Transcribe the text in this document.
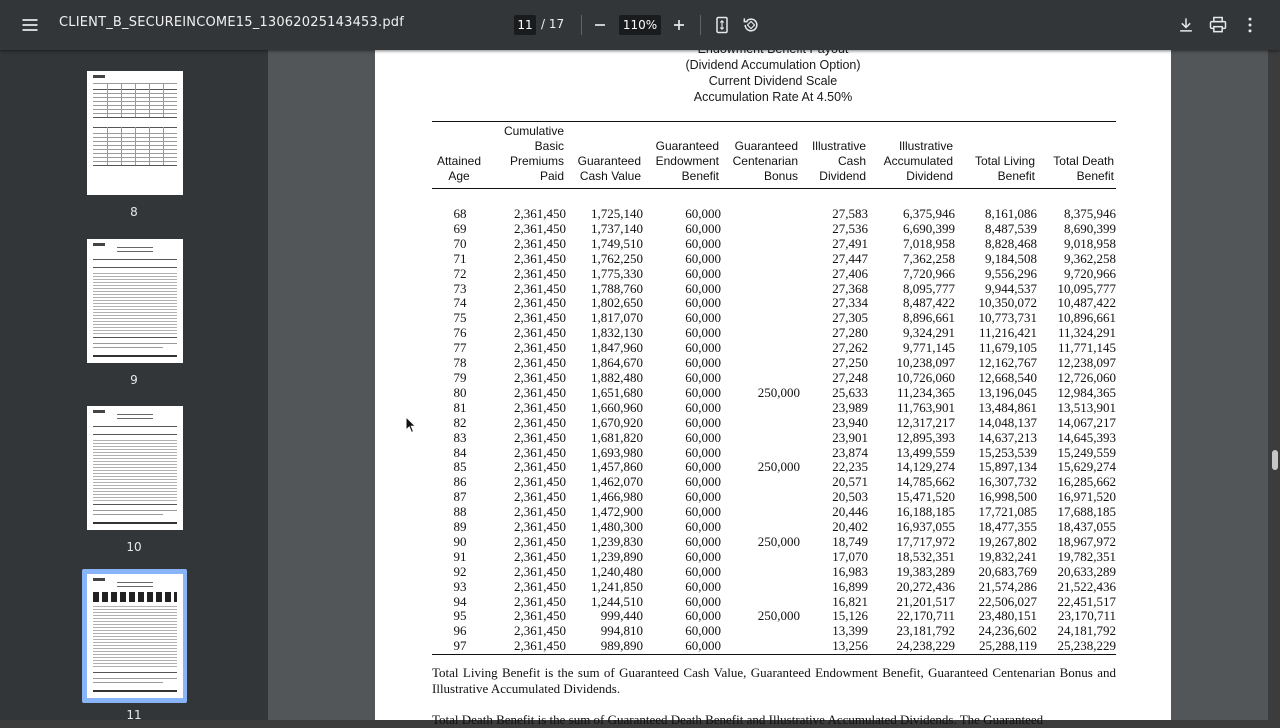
CLIENT_B_SECUREINCOME15_13062025143453.pdf	11 / 17	110%
8
9
10
11
(Dividend Accumulation Option)
Current Dividend Scale
Accumulation Rate At 4.50%
Attained Age	Cumulative Basic Premiums Paid	Guaranteed Cash Value	Guaranteed Endowment Benefit	Guaranteed Centenarian Bonus	Illustrative Cash Dividend	Illustrative Accumulated Dividend	Total Living Benefit	Total Death Benefit

68	2,361,450	1,725,140	60,000		27,583	6,375,946	8,161,086	8,375,946
69	2,361,450	1,737,140	60,000		27,536	6,690,399	8,487,539	8,690,399
70	2,361,450	1,749,510	60,000		27,491	7,018,958	8,828,468	9,018,958
71	2,361,450	1,762,250	60,000		27,447	7,362,258	9,184,508	9,362,258
72	2,361,450	1,775,330	60,000		27,406	7,720,966	9,556,296	9,720,966
73	2,361,450	1,788,760	60,000		27,368	8,095,777	9,944,537	10,095,777
74	2,361,450	1,802,650	60,000		27,334	8,487,422	10,350,072	10,487,422
75	2,361,450	1,817,070	60,000		27,305	8,896,661	10,773,731	10,896,661
76	2,361,450	1,832,130	60,000		27,280	9,324,291	11,216,421	11,324,291
77	2,361,450	1,847,960	60,000		27,262	9,771,145	11,679,105	11,771,145
78	2,361,450	1,864,670	60,000		27,250	10,238,097	12,162,767	12,238,097
79	2,361,450	1,882,480	60,000		27,248	10,726,060	12,668,540	12,726,060
80	2,361,450	1,651,680	60,000	250,000	25,633	11,234,365	13,196,045	12,984,365
81	2,361,450	1,660,960	60,000		23,989	11,763,901	13,484,861	13,513,901
82	2,361,450	1,670,920	60,000		23,940	12,317,217	14,048,137	14,067,217
83	2,361,450	1,681,820	60,000		23,901	12,895,393	14,637,213	14,645,393
84	2,361,450	1,693,980	60,000		23,874	13,499,559	15,253,539	15,249,559
85	2,361,450	1,457,860	60,000	250,000	22,235	14,129,274	15,897,134	15,629,274
86	2,361,450	1,462,070	60,000		20,571	14,785,662	16,307,732	16,285,662
87	2,361,450	1,466,980	60,000		20,503	15,471,520	16,998,500	16,971,520
88	2,361,450	1,472,900	60,000		20,446	16,188,185	17,721,085	17,688,185
89	2,361,450	1,480,300	60,000		20,402	16,937,055	18,477,355	18,437,055
90	2,361,450	1,239,830	60,000	250,000	18,749	17,717,972	19,267,802	18,967,972
91	2,361,450	1,239,890	60,000		17,070	18,532,351	19,832,241	19,782,351
92	2,361,450	1,240,480	60,000		16,983	19,383,289	20,683,769	20,633,289
93	2,361,450	1,241,850	60,000		16,899	20,272,436	21,574,286	21,522,436
94	2,361,450	1,244,510	60,000		16,821	21,201,517	22,506,027	22,451,517
95	2,361,450	999,440	60,000	250,000	15,126	22,170,711	23,480,151	23,170,711
96	2,361,450	994,810	60,000		13,399	23,181,792	24,236,602	24,181,792
97	2,361,450	989,890	60,000		13,256	24,238,229	25,288,119	25,238,229
Total Living Benefit is the sum of Guaranteed Cash Value, Guaranteed Endowment Benefit, Guaranteed Centenarian Bonus and Illustrative Accumulated Dividends.
Total Death Benefit is the sum of Guaranteed Death Benefit and Illustrative Accumulated Dividends. The Guaranteed
